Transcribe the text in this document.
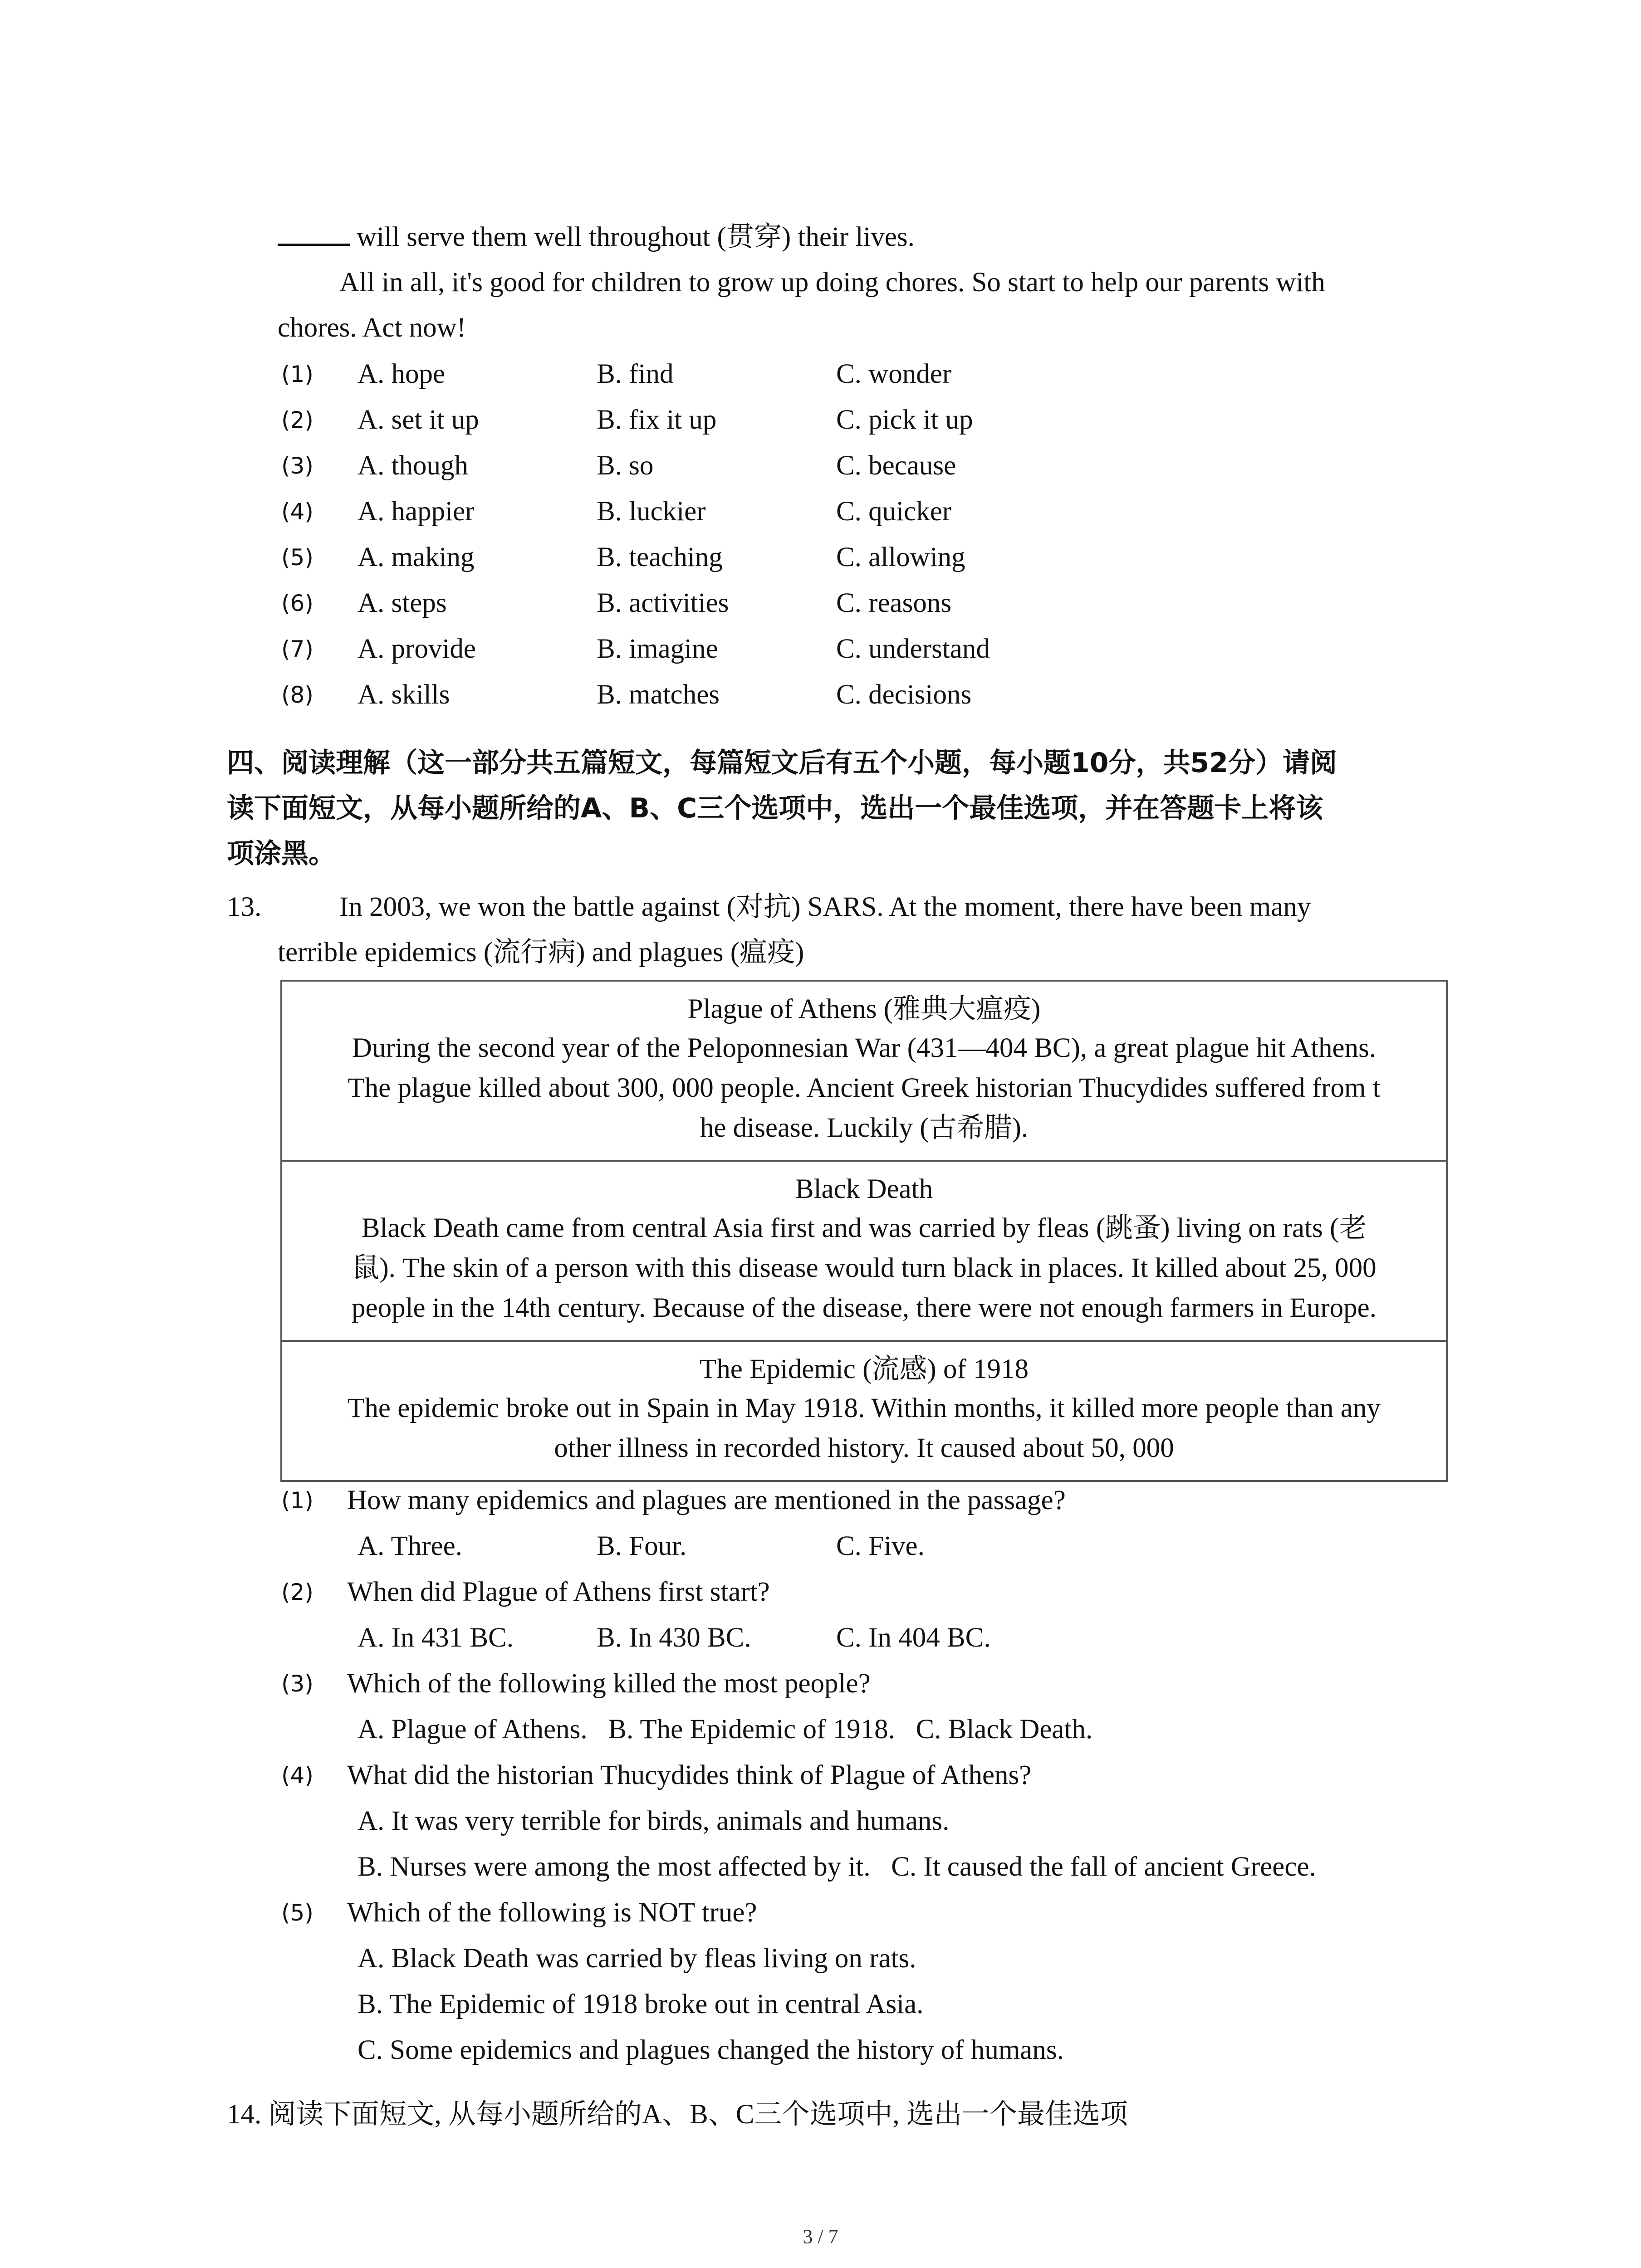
will serve them well throughout (贯穿) their lives.
All in all, it's good for children to grow up doing chores. So start to help our parents with
chores. Act now!
(1) A. hope	B. find	C. wonder
(2) A. set it up	B. fix it up	C. pick it up
(3) A. though	B. so	C. because
(4) A. happier	B. luckier	C. quicker
(5) A. making	B. teaching	C. allowing
(6) A. steps	B. activities	C. reasons
(7) A. provide	B. imagine	C. understand
(8) A. skills	B. matches	C. decisions
四、阅读理解（这一部分共五篇短文，每篇短文后有五个小题，每小题10分，共52分）请阅
读下面短文，从每小题所给的A、B、C三个选项中，选出一个最佳选项，并在答题卡上将该
项涂黑。
13.	In 2003, we won the battle against (对抗) SARS. At the moment, there have been many
terrible epidemics (流行病) and plagues (瘟疫)
Plague of Athens (雅典大瘟疫)
During the second year of the Peloponnesian War (431—404 BC), a great plague hit Athens.
The plague killed about 300, 000 people. Ancient Greek historian Thucydides suffered from t
he disease. Luckily (古希腊).
Black Death
Black Death came from central Asia first and was carried by fleas (跳蚤) living on rats (老
鼠). The skin of a person with this disease would turn black in places. It killed about 25, 000
people in the 14th century. Because of the disease, there were not enough farmers in Europe.
The Epidemic (流感) of 1918
The epidemic broke out in Spain in May 1918. Within months, it killed more people than any
other illness in recorded history. It caused about 50, 000
(1) How many epidemics and plagues are mentioned in the passage?
A. Three.	B. Four.	C. Five.
(2) When did Plague of Athens first start?
A. In 431 BC.	B. In 430 BC.	C. In 404 BC.
(3) Which of the following killed the most people?
A. Plague of Athens.   B. The Epidemic of 1918.   C. Black Death.
(4) What did the historian Thucydides think of Plague of Athens?
A. It was very terrible for birds, animals and humans.
B. Nurses were among the most affected by it.   C. It caused the fall of ancient Greece.
(5) Which of the following is NOT true?
A. Black Death was carried by fleas living on rats.
B. The Epidemic of 1918 broke out in central Asia.
C. Some epidemics and plagues changed the history of humans.
14. 阅读下面短文, 从每小题所给的A、B、C三个选项中, 选出一个最佳选项
3 / 7
